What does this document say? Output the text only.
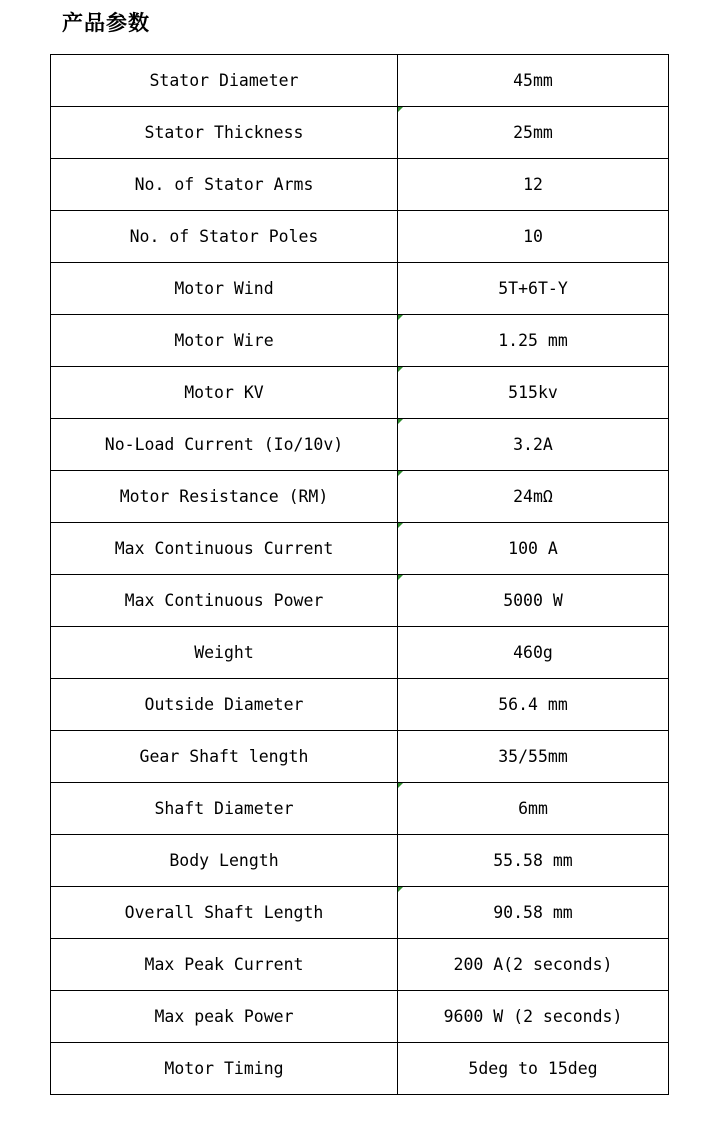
产品参数
Stator Diameter	45mm
Stator Thickness	25mm
No. of Stator Arms	12
No. of Stator Poles	10
Motor Wind	5T+6T-Y
Motor Wire	1.25 mm
Motor KV	515kv
No-Load Current (Io/10v)	3.2A
Motor Resistance (RM)	24mΩ
Max Continuous Current	100 A
Max Continuous Power	5000 W
Weight	460g
Outside Diameter	56.4 mm
Gear Shaft length	35/55mm
Shaft Diameter	6mm
Body Length	55.58 mm
Overall Shaft Length	90.58 mm
Max Peak Current	200 A(2 seconds)
Max peak Power	9600 W (2 seconds)
Motor Timing	5deg to 15deg
